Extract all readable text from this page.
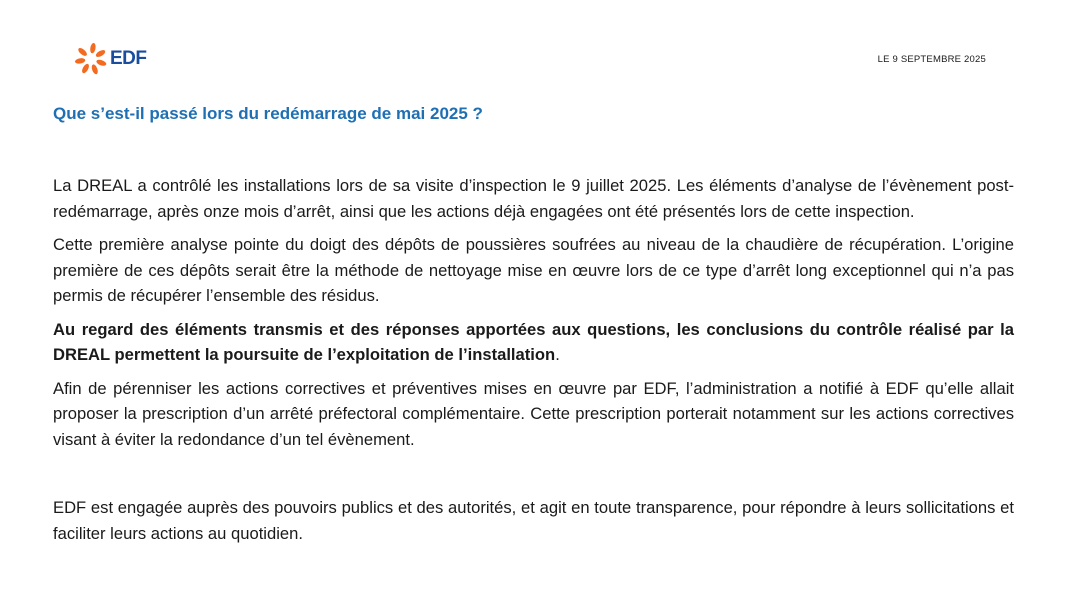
EDF	LE 9 SEPTEMBRE 2025
Que s’est-il passé lors du redémarrage de mai 2025 ?

La DREAL a contrôlé les installations lors de sa visite d’inspection le 9 juillet 2025. Les éléments d’analyse de l’évènement post-redémarrage, après onze mois d’arrêt, ainsi que les actions déjà engagées ont été présentés lors de cette inspection.

Cette première analyse pointe du doigt des dépôts de poussières soufrées au niveau de la chaudière de récupération. L’origine première de ces dépôts serait être la méthode de nettoyage mise en œuvre lors de ce type d’arrêt long exceptionnel qui n’a pas permis de récupérer l’ensemble des résidus.

Au regard des éléments transmis et des réponses apportées aux questions, les conclusions du contrôle réalisé par la DREAL permettent la poursuite de l’exploitation de l’installation.

Afin de pérenniser les actions correctives et préventives mises en œuvre par EDF, l’administration a notifié à EDF qu’elle allait proposer la prescription d’un arrêté préfectoral complémentaire. Cette prescription porterait notamment sur les actions correctives visant à éviter la redondance d’un tel évènement.

EDF est engagée auprès des pouvoirs publics et des autorités, et agit en toute transparence, pour répondre à leurs sollicitations et faciliter leurs actions au quotidien.
